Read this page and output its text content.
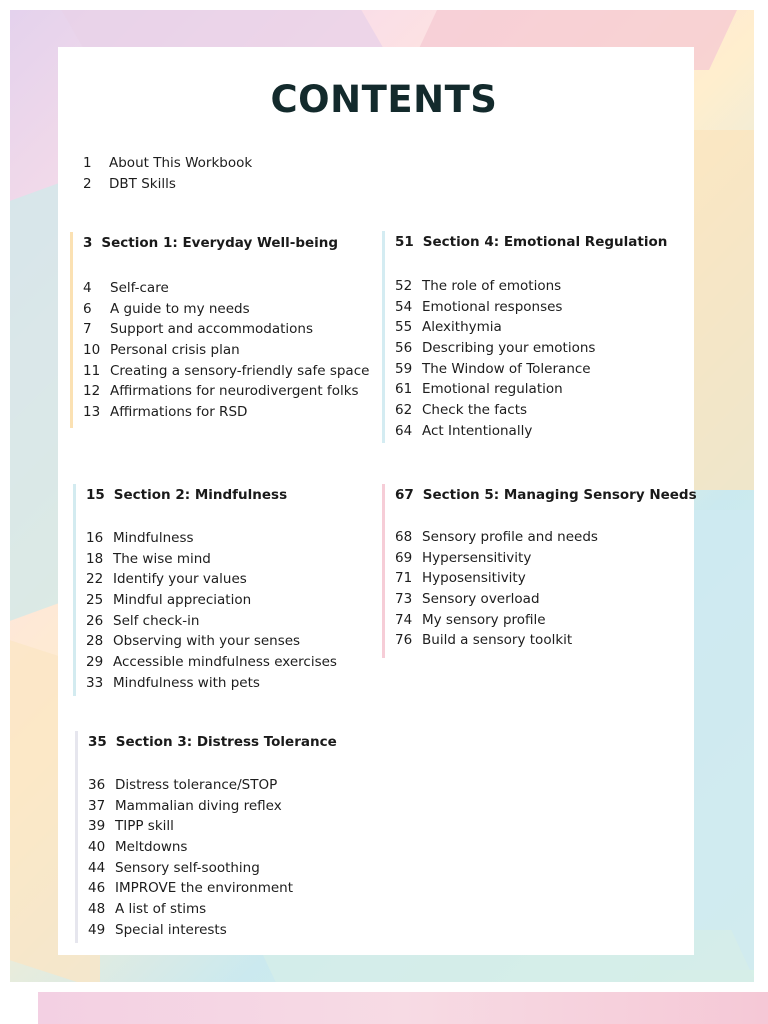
CONTENTS
1	About This Workbook
2	DBT Skills
3 Section 1: Everyday Well-being
4	Self-care
6	A guide to my needs
7	Support and accommodations
10 Personal crisis plan
11 Creating a sensory-friendly safe space
12 Affirmations for neurodivergent folks
13 Affirmations for RSD
15 Section 2: Mindfulness
16 Mindfulness
18 The wise mind
22 Identify your values
25 Mindful appreciation
26 Self check-in
28 Observing with your senses
29 Accessible mindfulness exercises
33 Mindfulness with pets
35 Section 3: Distress Tolerance
36 Distress tolerance/STOP
37 Mammalian diving reflex
39 TIPP skill
40 Meltdowns
44 Sensory self-soothing
46 IMPROVE the environment
48 A list of stims
49 Special interests
51 Section 4: Emotional Regulation
52 The role of emotions
54 Emotional responses
55 Alexithymia
56 Describing your emotions
59 The Window of Tolerance
61 Emotional regulation
62 Check the facts
64 Act Intentionally
67 Section 5: Managing Sensory Needs
68 Sensory profile and needs
69 Hypersensitivity
71 Hyposensitivity
73 Sensory overload
74 My sensory profile
76 Build a sensory toolkit
